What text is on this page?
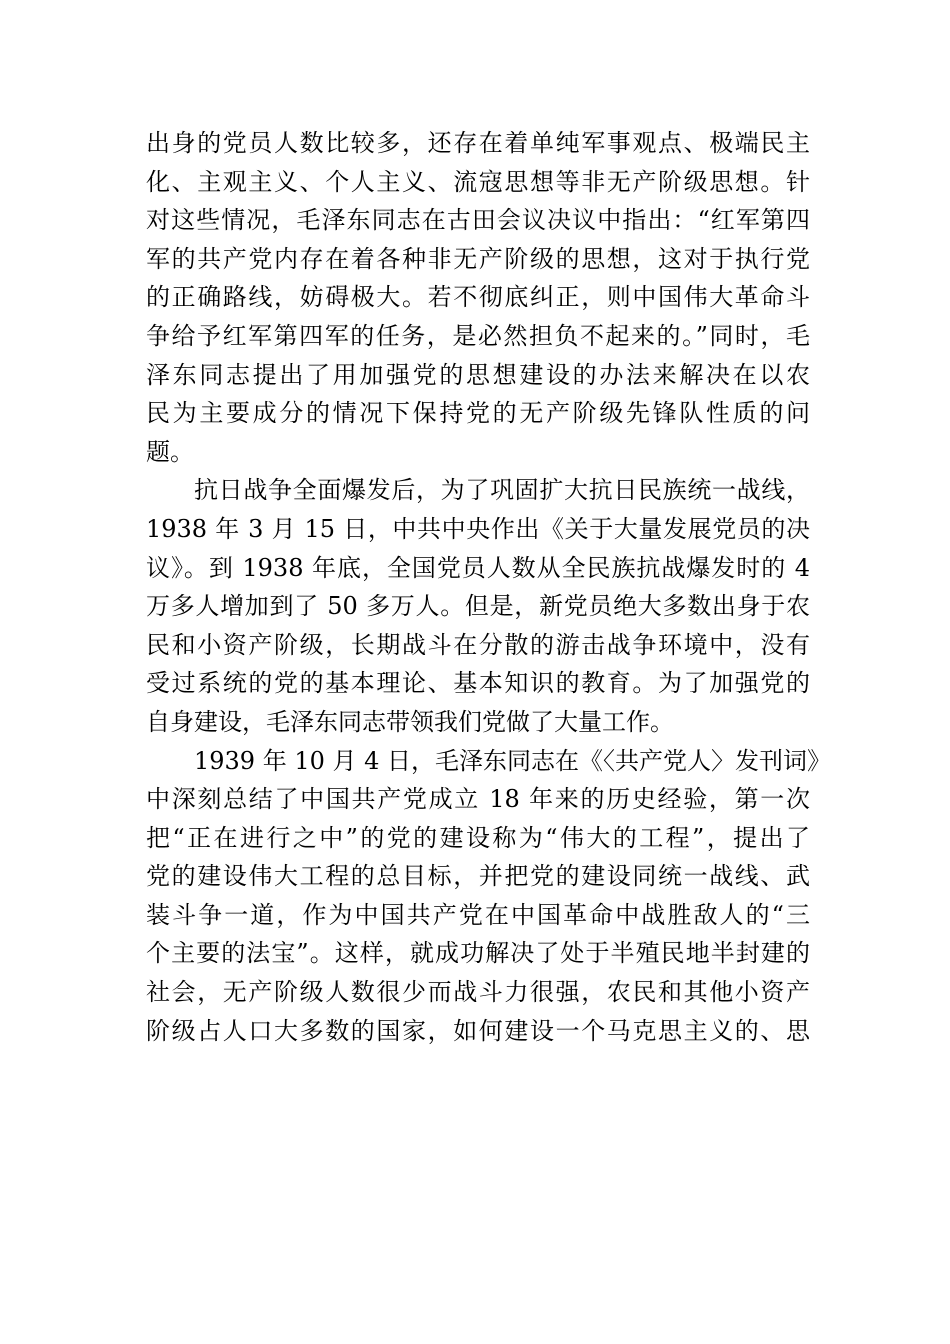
出身的党员人数比较多，还存在着单纯军事观点、极端民主
化、主观主义、个人主义、流寇思想等非无产阶级思想。针
对这些情况，毛泽东同志在古田会议决议中指出：“红军第四
军的共产党内存在着各种非无产阶级的思想，这对于执行党
的正确路线，妨碍极大。若不彻底纠正，则中国伟大革命斗
争给予红军第四军的任务，是必然担负不起来的。”同时，毛
泽东同志提出了用加强党的思想建设的办法来解决在以农
民为主要成分的情况下保持党的无产阶级先锋队性质的问
题。
抗日战争全面爆发后，为了巩固扩大抗日民族统一战线，
1938 年 3 月 15 日，中共中央作出《关于大量发展党员的决
议》。到 1938 年底，全国党员人数从全民族抗战爆发时的 4
万多人增加到了 50 多万人。但是，新党员绝大多数出身于农
民和小资产阶级，长期战斗在分散的游击战争环境中，没有
受过系统的党的基本理论、基本知识的教育。为了加强党的
自身建设，毛泽东同志带领我们党做了大量工作。
1939 年 10 月 4 日，毛泽东同志在《〈共产党人〉发刊词》
中深刻总结了中国共产党成立 18 年来的历史经验，第一次
把“正在进行之中”的党的建设称为“伟大的工程”，提出了
党的建设伟大工程的总目标，并把党的建设同统一战线、武
装斗争一道，作为中国共产党在中国革命中战胜敌人的“三
个主要的法宝”。这样，就成功解决了处于半殖民地半封建的
社会，无产阶级人数很少而战斗力很强，农民和其他小资产
阶级占人口大多数的国家，如何建设一个马克思主义的、思
